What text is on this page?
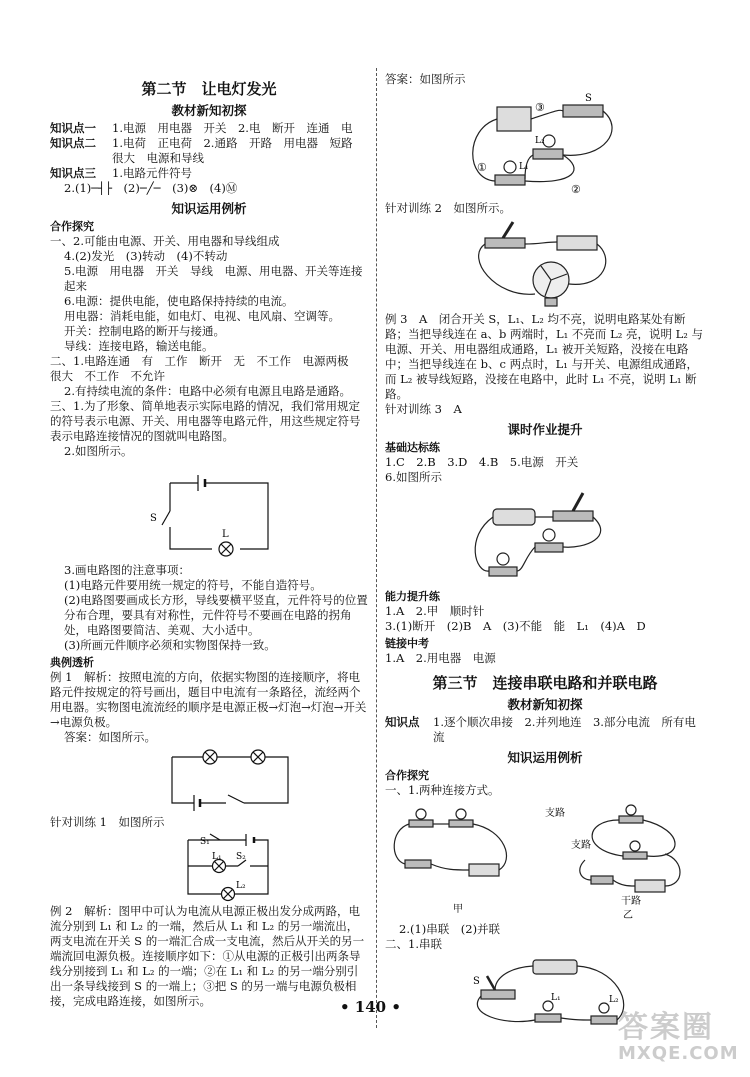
第二节　让电灯发光
教材新知初探
知识点一	1.电源　用电器　开关　2.电　断开　连通　电
知识点二	1.电荷　正电荷　2.通路　开路　用电器　短路　很大　电源和导线
知识点三	1.电路元件符号
2.(1)─┤├　(2)─╱─　(3)⊗　(4)Ⓜ
知识运用例析
合作探究
一、2.可能由电源、开关、用电器和导线组成
4.(2)发光　(3)转动　(4)不转动
5.电源　用电器　开关　导线　电源、用电器、开关等连接起来
6.电源：提供电能，使电路保持持续的电流。
用电器：消耗电能，如电灯、电视、电风扇、空调等。
开关：控制电路的断开与接通。
导线：连接电路，输送电能。
二、1.电路连通　有　工作　断开　无　不工作　电源两极　很大　不工作　不允许
2.有持续电流的条件：电路中必须有电源且电路是通路。
三、1.为了形象、简单地表示实际电路的情况，我们常用规定的符号表示电源、开关、用电器等电路元件，用这些规定符号表示电路连接情况的图就叫电路图。
2.如图所示。
S
L
3.画电路图的注意事项：
(1)电路元件要用统一规定的符号，不能自造符号。
(2)电路图要画成长方形，导线要横平竖直，元件符号的位置分布合理，要具有对称性，元件符号不要画在电路的拐角处，电路图要简洁、美观、大小适中。
(3)所画元件顺序必须和实物图保持一致。
典例透析
例 1　解析：按照电流的方向，依据实物图的连接顺序，将电路元件按规定的符号画出，题目中电流有一条路径，流经两个用电器。实物图电流流经的顺序是电源正极→灯泡→灯泡→开关→电源负极。
答案：如图所示。
针对训练 1　如图所示
S₁
L₁ S₂
L₂
例 2　解析：图甲中可认为电流从电源正极出发分成两路，电流分别到 L₁ 和 L₂ 的一端，然后从 L₁ 和 L₂ 的另一端流出，两支电流在开关 S 的一端汇合成一支电流，然后从开关的另一端流回电源负极。连接顺序如下：①从电源的正极引出两条导线分别接到 L₁ 和 L₂ 的一端；②在 L₁ 和 L₂ 的另一端分别引出一条导线接到 S 的一端上；③把 S 的另一端与电源负极相接，完成电路连接，如图所示。
答案：如图所示
①
②
③
S
L₂
L₁
针对训练 2　如图所示。
例 3　A　闭合开关 S，L₁、L₂ 均不亮，说明电路某处有断路；当把导线连在 a、b 两端时，L₁ 不亮而 L₂ 亮，说明 L₂ 与电源、开关、用电器组成通路，L₁ 被开关短路，没接在电路中；当把导线连在 b、c 两点时，L₁ 与开关、电源组成通路，而 L₂ 被导线短路，没接在电路中，此时 L₁ 不亮，说明 L₁ 断路。
针对训练 3　A
课时作业提升
基础达标练
1.C　2.B　3.D　4.B　5.电源　开关
6.如图所示
能力提升练
1.A　2.甲　顺时针
3.(1)断开　(2)B　A　(3)不能　能　L₁　(4)A　D
链接中考
1.A　2.用电器　电源
第三节　连接串联电路和并联电路
教材新知初探
知识点	1.逐个顺次串接　2.并列地连　3.部分电流　所有电流
知识运用例析
合作探究
一、1.两种连接方式。
支路
支路
干路
甲
乙
2.(1)串联　(2)并联
二、1.串联
S
L₁	L₂
• 140 •
答案圈
MXQE.COM
